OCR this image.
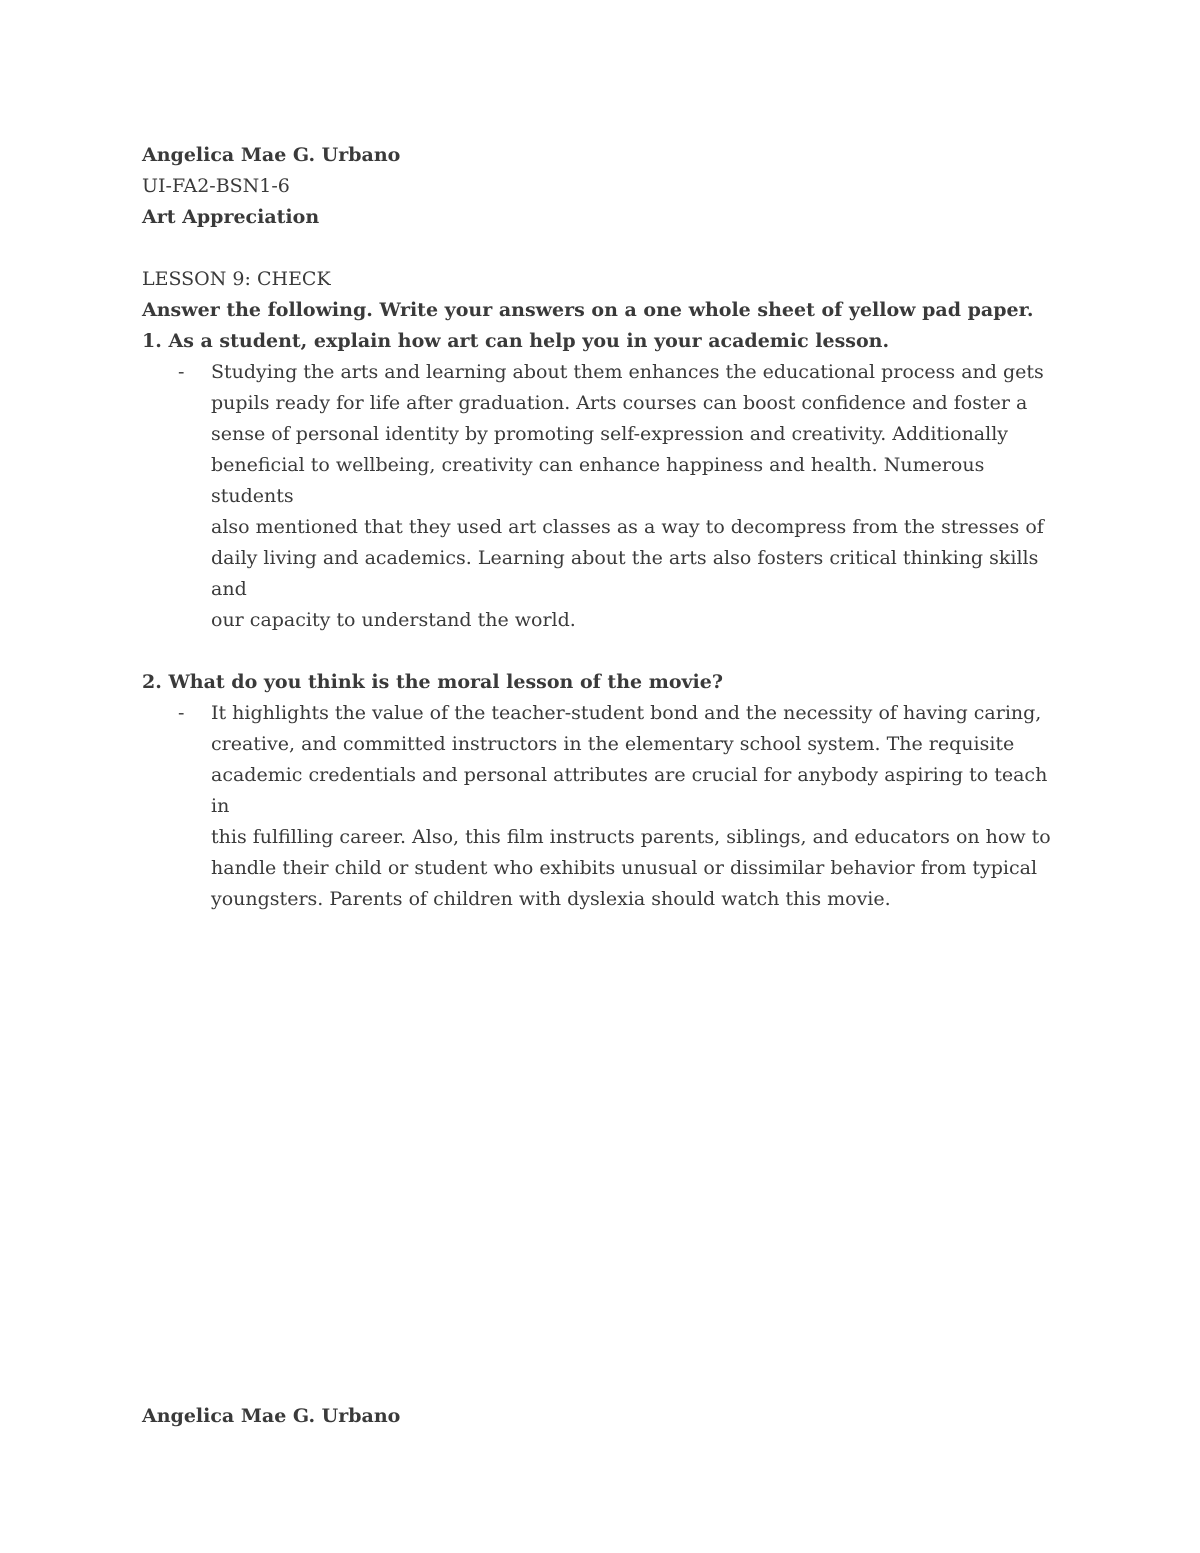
Angelica Mae G. Urbano

UI-FA2-BSN1-6

Art Appreciation

LESSON 9: CHECK

Answer the following. Write your answers on a one whole sheet of yellow pad paper.

1. As a student, explain how art can help you in your academic lesson.

- Studying the arts and learning about them enhances the educational process and gets
pupils ready for life after graduation. Arts courses can boost confidence and foster a
sense of personal identity by promoting self-expression and creativity. Additionally
beneficial to wellbeing, creativity can enhance happiness and health. Numerous students
also mentioned that they used art classes as a way to decompress from the stresses of
daily living and academics. Learning about the arts also fosters critical thinking skills and
our capacity to understand the world.

2. What do you think is the moral lesson of the movie?

- It highlights the value of the teacher-student bond and the necessity of having caring,
creative, and committed instructors in the elementary school system. The requisite
academic credentials and personal attributes are crucial for anybody aspiring to teach in
this fulfilling career. Also, this film instructs parents, siblings, and educators on how to
handle their child or student who exhibits unusual or dissimilar behavior from typical
youngsters. Parents of children with dyslexia should watch this movie.

Angelica Mae G. Urbano
